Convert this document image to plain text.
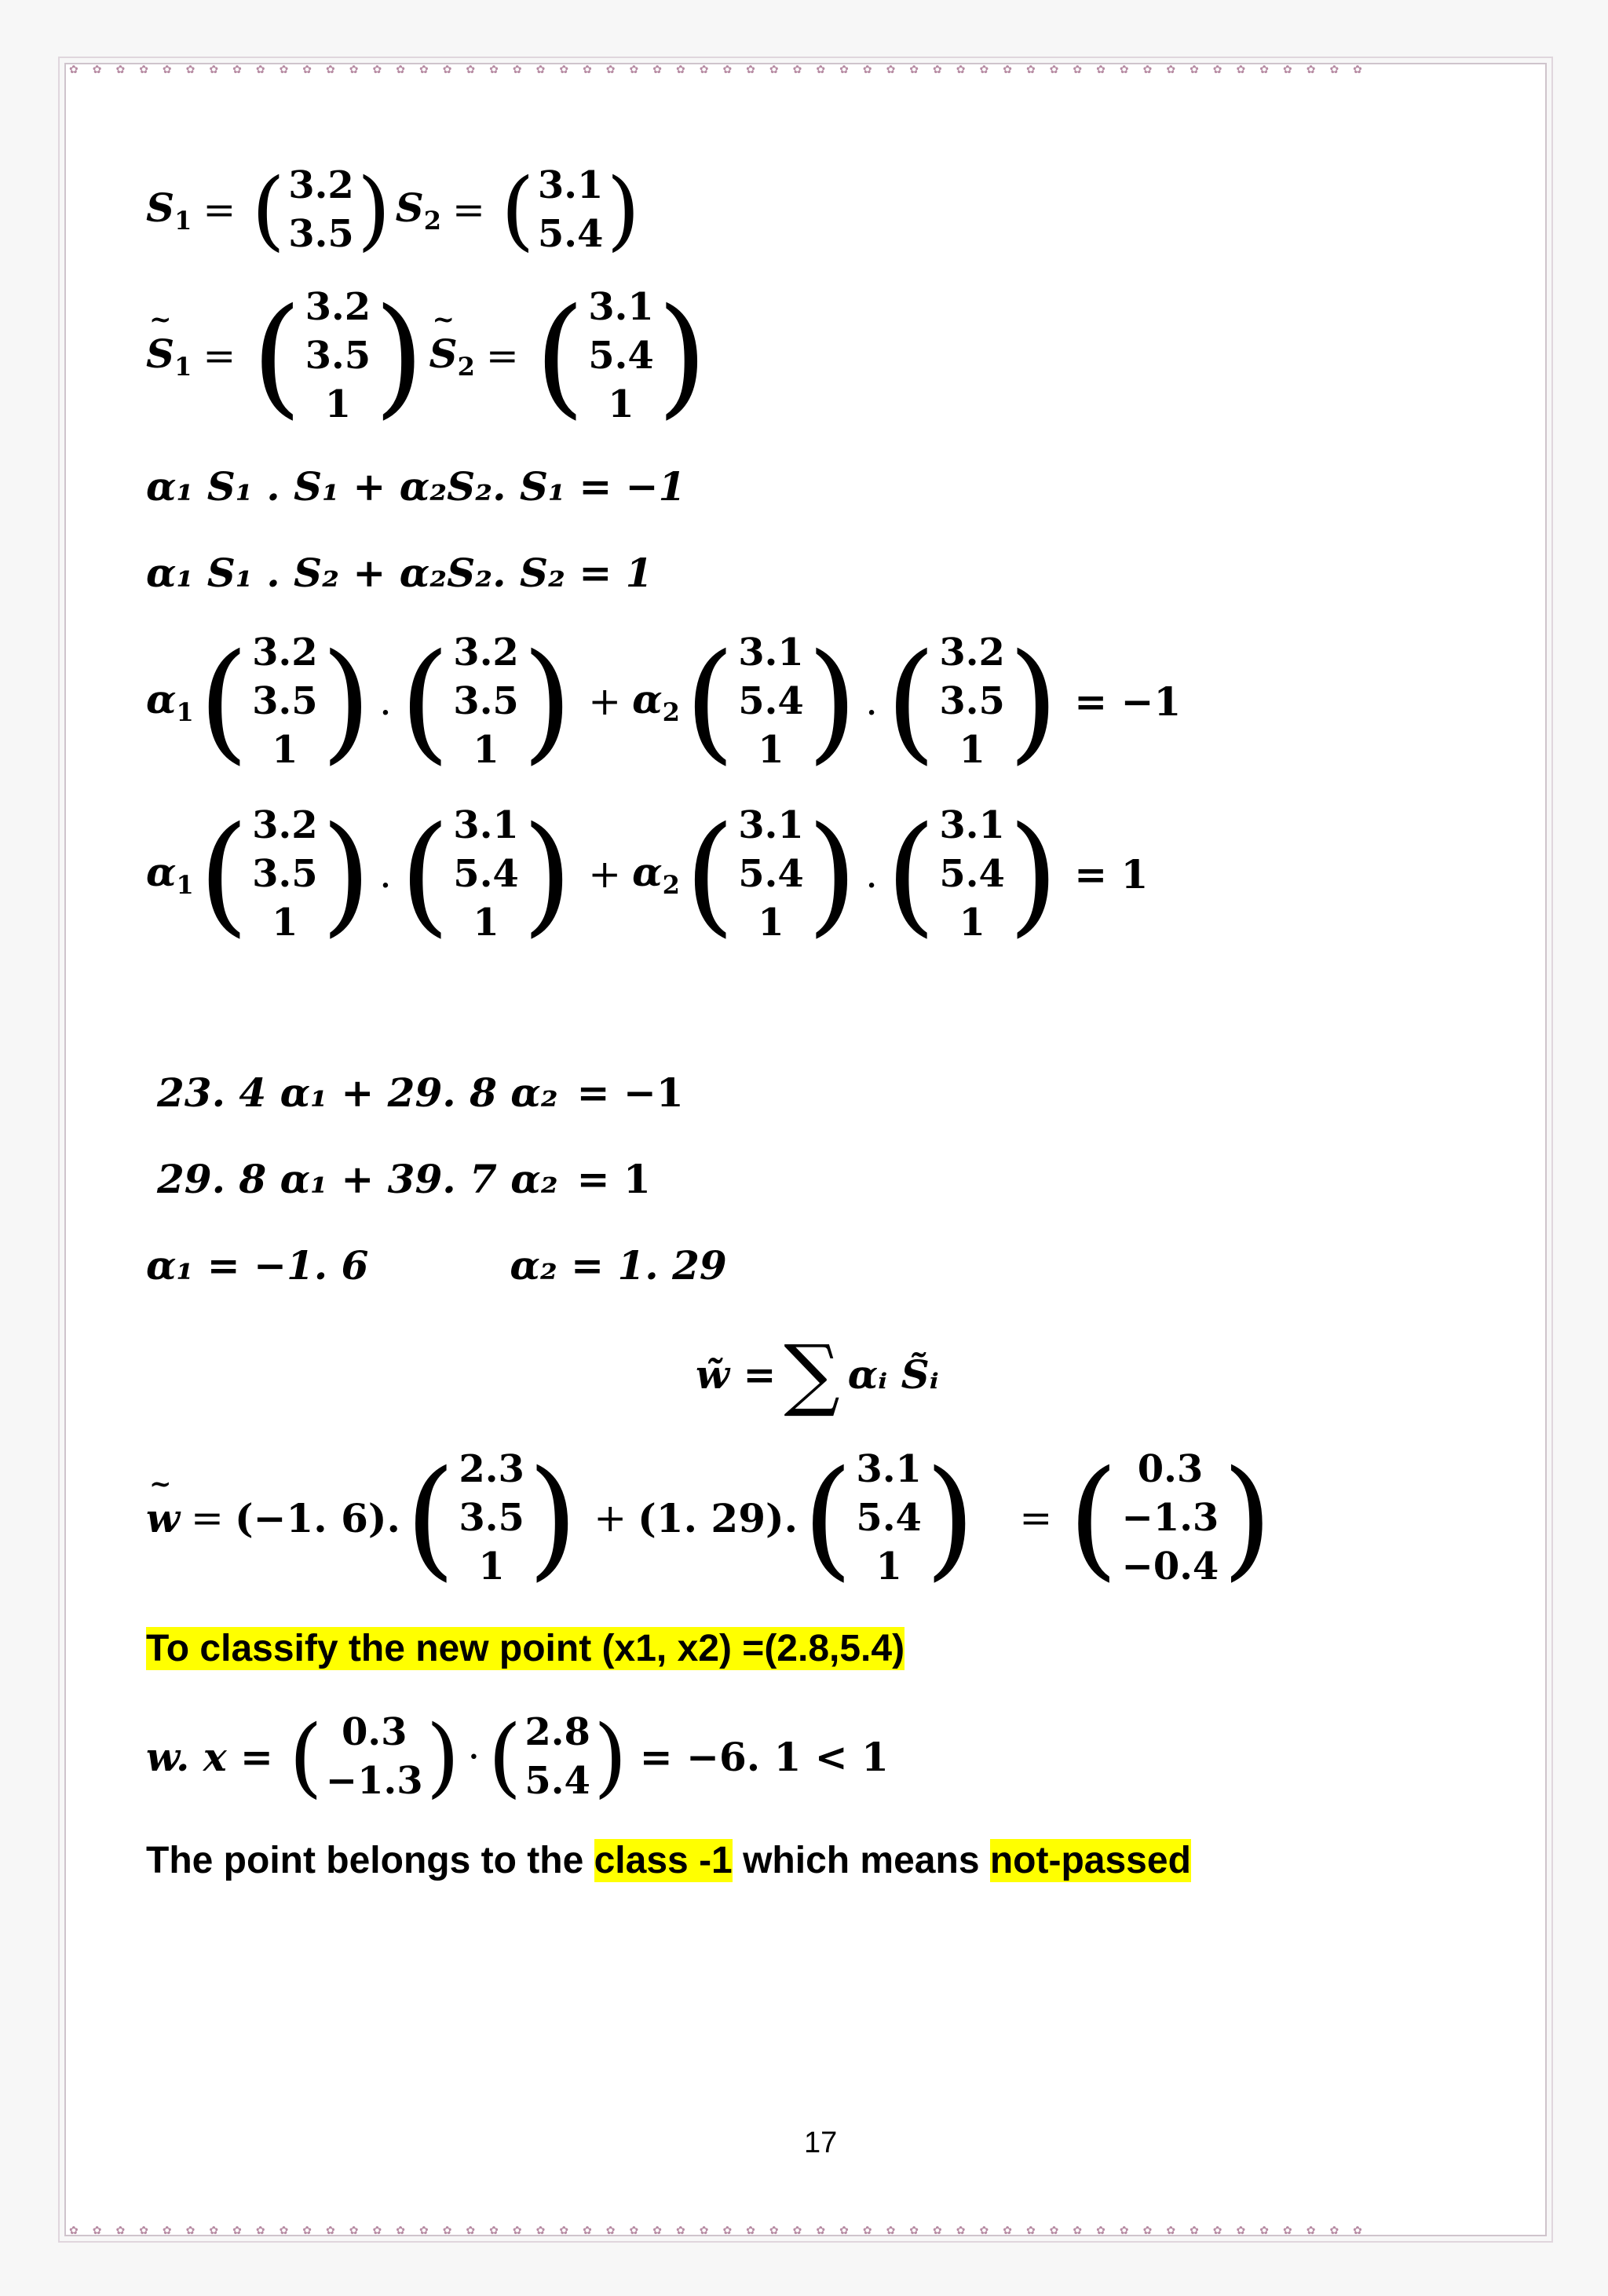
✿✿✿✿✿✿✿✿✿✿✿✿✿✿✿✿✿✿✿✿✿✿✿✿✿✿✿✿✿✿✿✿✿✿✿✿✿✿✿✿✿✿✿✿✿✿✿✿✿✿✿✿✿✿✿✿
✿✿✿✿✿✿✿✿✿✿✿✿✿✿✿✿✿✿✿✿✿✿✿✿✿✿✿✿✿✿✿✿✿✿✿✿✿✿✿✿✿✿✿✿✿✿✿✿✿✿✿✿✿✿✿✿
$S_1$ = ( 3.2
3.5 ) $S_2$ = ( 3.1
5.4 )
~ $S_1$ = ( 3.2
3.5
1 )
~ $S_2$ = ( 3.1
5.4
1 )
α₁ S₁ . S₁ + α₂S₂. S₁ = −1
α₁ S₁ . S₂ + α₂S₂. S₂ = 1
$\alpha_1$ ( 3.2
3.5
1 ) . ( 3.2
3.5
1 ) + $\alpha_2$ ( 3.1
5.4
1 ) . ( 3.2
3.5
1 ) = −1
$\alpha_1$ ( 3.2
3.5
1 ) . ( 3.1
5.4
1 ) + $\alpha_2$ ( 3.1
5.4
1 ) . ( 3.1
5.4
1 ) = 1
23. 4 α₁ + 29. 8 α₂ = −1
29. 8 α₁ + 39. 7 α₂ = 1
α₁ = −1. 6	α₂ = 1. 29
w̃ = ∑ αᵢ S̃ᵢ
~ w = (−1. 6). ( 2.3
3.5
1 ) + (1. 29). ( 3.1
5.4
1 ) = ( 0.3
−1.3
−0.4 )
To classify the new point (x1, x2) =(2.8,5.4)
w. x = ( 0.3
−1.3 ) · ( 2.8
5.4 ) = −6. 1 < 1
The point belongs to the class -1 which means not-passed
17
